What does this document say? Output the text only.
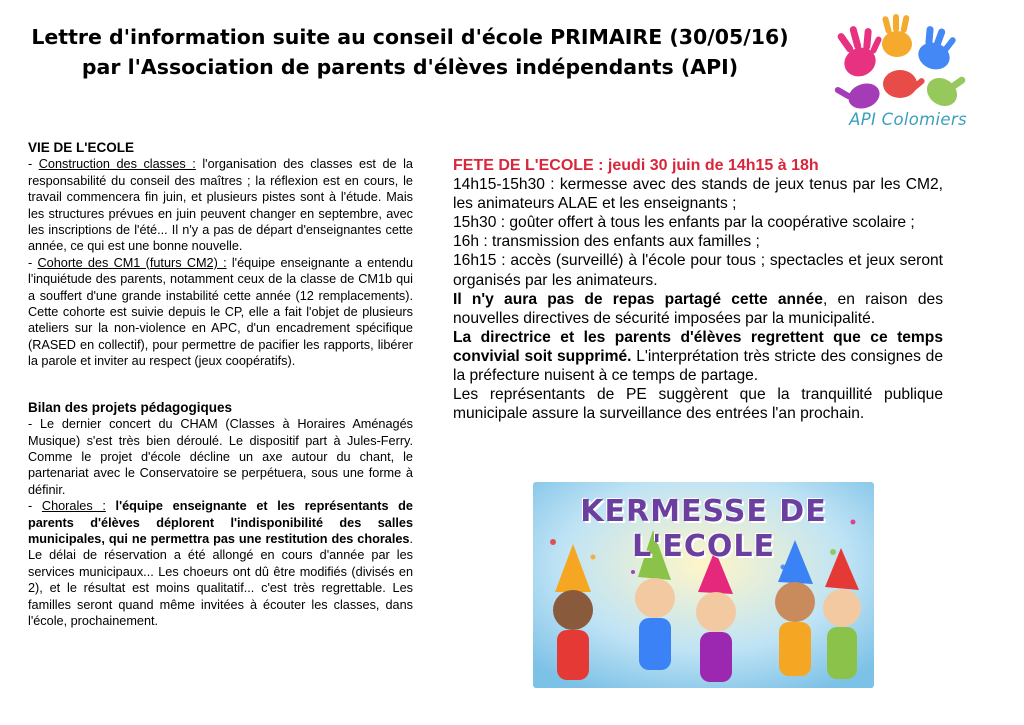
Lettre d'information suite au conseil d'école PRIMAIRE (30/05/16)

par l'Association de parents d'élèves indépendants (API)

API Colomiers

VIE DE L'ECOLE

- Construction des classes : l'organisation des classes est de la responsabilité du conseil des maîtres ; la réflexion est en cours, le travail commencera fin juin, et plusieurs pistes sont à l'étude. Mais les structures prévues en juin peuvent changer en septembre, avec les inscriptions de l'été... Il n'y a pas de départ d'enseignantes cette année, ce qui est une bonne nouvelle.

- Cohorte des CM1 (futurs CM2) : l'équipe enseignante a entendu l'inquiétude des parents, notamment ceux de la classe de CM1b qui a souffert d'une grande instabilité cette année (12 remplacements). Cette cohorte est suivie depuis le CP, elle a fait l'objet de plusieurs ateliers sur la non-violence en APC, d'un encadrement spécifique (RASED en collectif), pour permettre de pacifier les rapports, libérer la parole et inviter au respect (jeux coopératifs).

Bilan des projets pédagogiques

- Le dernier concert du CHAM (Classes à Horaires Aménagés Musique) s'est très bien déroulé. Le dispositif part à Jules-Ferry. Comme le projet d'école décline un axe autour du chant, le partenariat avec le Conservatoire se perpétuera, sous une forme à définir.

- Chorales : l'équipe enseignante et les représentants de parents d'élèves déplorent l'indisponibilité des salles municipales, qui ne permettra pas une restitution des chorales. Le délai de réservation a été allongé en cours d'année par les services municipaux... Les choeurs ont dû être modifiés (divisés en 2), et le résultat est moins qualitatif... c'est très regrettable. Les familles seront quand même invitées à écouter les classes, dans l'école, prochainement.

FETE DE L'ECOLE : jeudi 30 juin de 14h15 à 18h

14h15-15h30 : kermesse avec des stands de jeux tenus par les CM2, les animateurs ALAE et les enseignants ;

15h30 : goûter offert à tous les enfants par la coopérative scolaire ;

16h : transmission des enfants aux familles ;

16h15 : accès (surveillé) à l'école pour tous ; spectacles et jeux seront organisés par les animateurs.

Il n'y aura pas de repas partagé cette année, en raison des nouvelles directives de sécurité imposées par la municipalité.

La directrice et les parents d'élèves regrettent que ce temps convivial soit supprimé. L'interprétation très stricte des consignes de la préfecture nuisent à ce temps de partage.

Les représentants de PE suggèrent que la tranquillité publique municipale assure la surveillance des entrées l'an prochain.

KERMESSE DE L'ECOLE
